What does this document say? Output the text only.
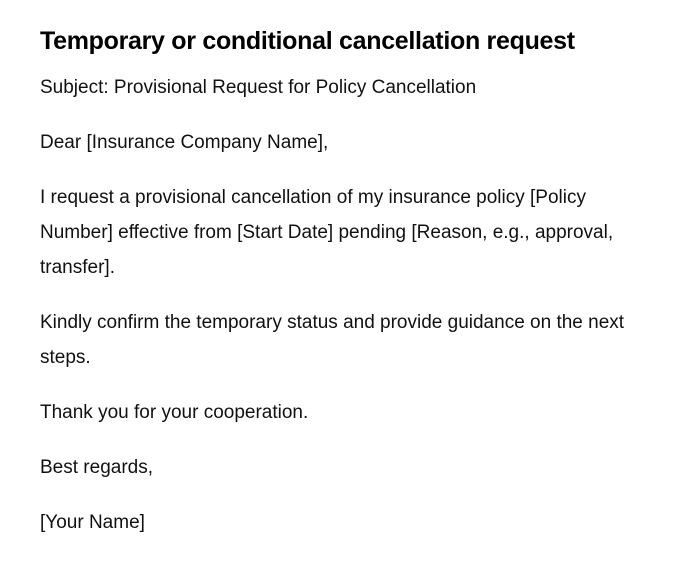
Temporary or conditional cancellation request

Subject: Provisional Request for Policy Cancellation

Dear [Insurance Company Name],

I request a provisional cancellation of my insurance policy [Policy Number] effective from [Start Date] pending [Reason, e.g., approval, transfer].

Kindly confirm the temporary status and provide guidance on the next steps.

Thank you for your cooperation.

Best regards,

[Your Name]
